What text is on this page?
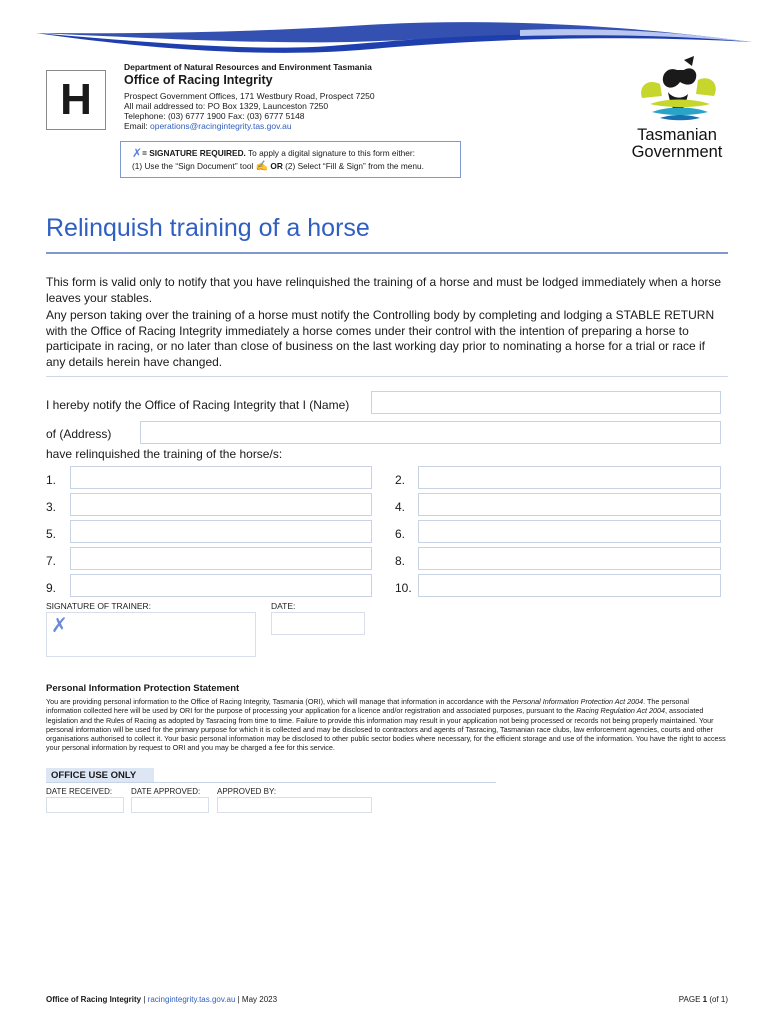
H
Department of Natural Resources and Environment Tasmania
Office of Racing Integrity
Prospect Government Offices, 171 Westbury Road, Prospect 7250
All mail addressed to: PO Box 1329, Launceston 7250
Telephone: (03) 6777 1900 Fax: (03) 6777 5148
Email: operations@racingintegrity.tas.gov.au
✗= SIGNATURE REQUIRED. To apply a digital signature to this form either:
(1) Use the “Sign Document” tool ✍ OR (2) Select “Fill & Sign” from the menu.
Tasmanian
Government
Relinquish training of a horse
This form is valid only to notify that you have relinquished the training of a horse and must be lodged immediately when a horse leaves your stables.
Any person taking over the training of a horse must notify the Controlling body by completing and lodging a STABLE RETURN with the Office of Racing Integrity immediately a horse comes under their control with the intention of preparing a horse to participate in racing, or no later than close of business on the last working day prior to nominating a horse for a trial or race if any details herein have changed.
I hereby notify the Office of Racing Integrity that I (Name)
of (Address)
have relinquished the training of the horse/s:
1.	2.
3.	4.
5.	6.
7.	8.
9.	10.
SIGNATURE OF TRAINER:	DATE:
✗
Personal Information Protection Statement
You are providing personal information to the Office of Racing Integrity, Tasmania (ORI), which will manage that information in accordance with the Personal Information Protection Act 2004. The personal information collected here will be used by ORI for the purpose of processing your application for a licence and/or registration and associated purposes, pursuant to the Racing Regulation Act 2004, associated legislation and the Rules of Racing as adopted by Tasracing from time to time. Failure to provide this information may result in your application not being processed or records not being properly maintained. Your personal information will be used for the primary purpose for which it is collected and may be disclosed to contractors and agents of Tasracing, Tasmanian race clubs, law enforcement agencies, courts and other organisations authorised to collect it. Your basic personal information may be disclosed to other public sector bodies where necessary, for the efficient storage and use of the information. You have the right to access your personal information by request to ORI and you may be charged a fee for this service.
OFFICE USE ONLY
DATE RECEIVED: DATE APPROVED: APPROVED BY:
Office of Racing Integrity | racingintegrity.tas.gov.au | May 2023	PAGE 1 (of 1)
